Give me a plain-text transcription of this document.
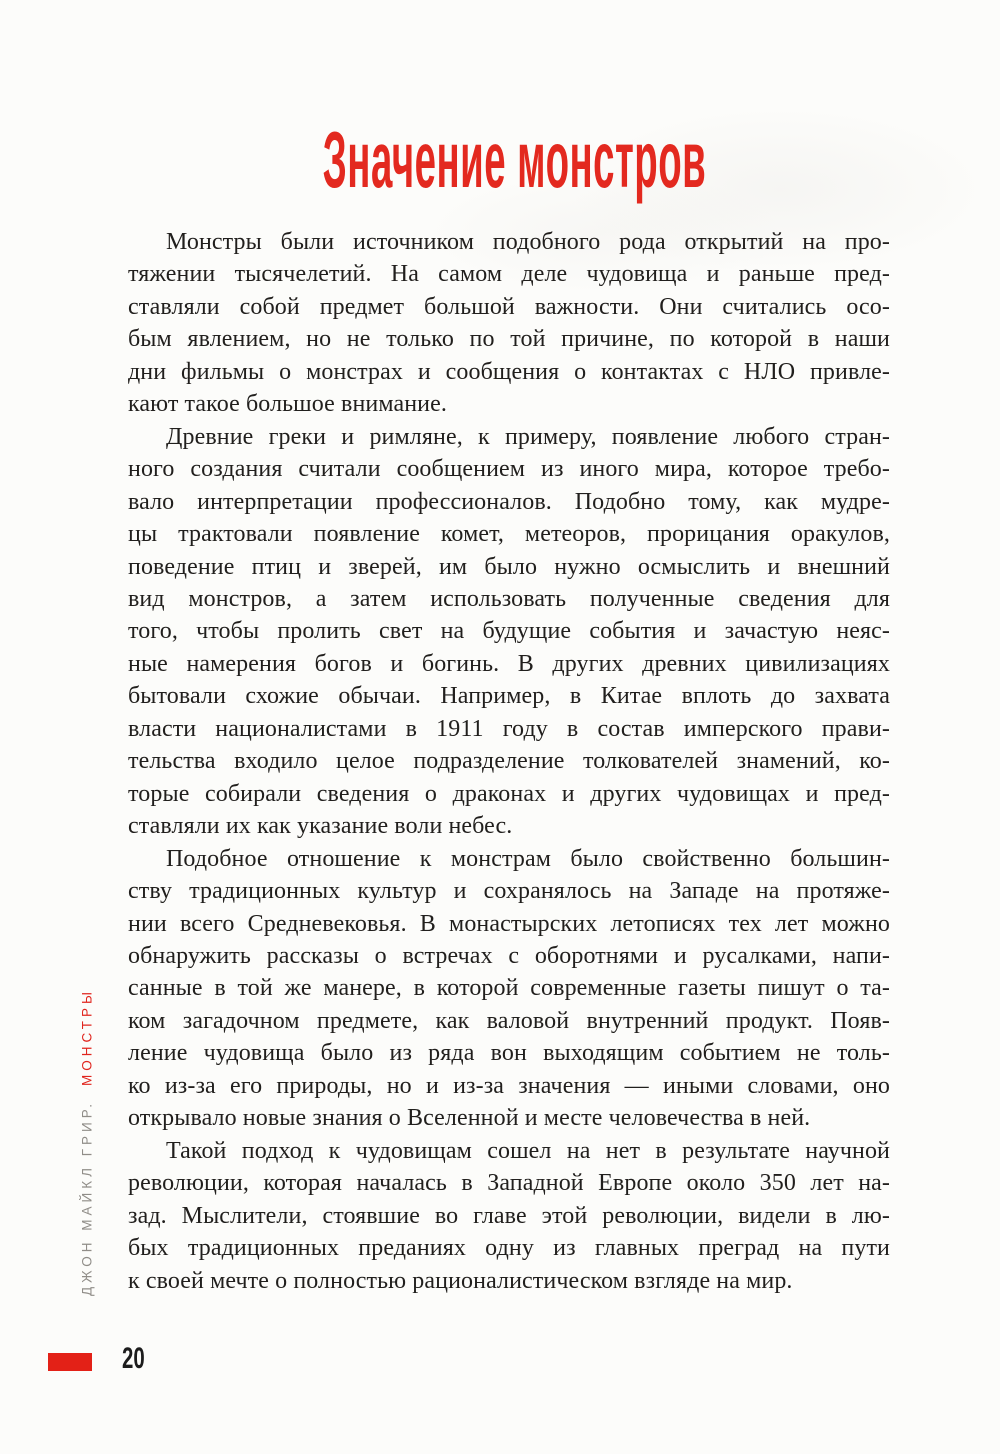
Значение монстров
Монстры были источником подобного рода открытий на про-
тяжении тысячелетий. На самом деле чудовища и раньше пред-
ставляли собой предмет большой важности. Они считались осо-
бым явлением, но не только по той причине, по которой в наши
дни фильмы о монстрах и сообщения о контактах с НЛО привле-
кают такое большое внимание.
Древние греки и римляне, к примеру, появление любого стран-
ного создания считали сообщением из иного мира, которое требо-
вало интерпретации профессионалов. Подобно тому, как мудре-
цы трактовали появление комет, метеоров, прорицания оракулов,
поведение птиц и зверей, им было нужно осмыслить и внешний
вид монстров, а затем использовать полученные сведения для
того, чтобы пролить свет на будущие события и зачастую неяс-
ные намерения богов и богинь. В других древних цивилизациях
бытовали схожие обычаи. Например, в Китае вплоть до захвата
власти националистами в 1911 году в состав имперского прави-
тельства входило целое подразделение толкователей знамений, ко-
торые собирали сведения о драконах и других чудовищах и пред-
ставляли их как указание воли небес.
Подобное отношение к монстрам было свойственно большин-
ству традиционных культур и сохранялось на Западе на протяже-
нии всего Средневековья. В монастырских летописях тех лет можно
обнаружить рассказы о встречах с оборотнями и русалками, напи-
санные в той же манере, в которой современные газеты пишут о та-
ком загадочном предмете, как валовой внутренний продукт. Появ-
ление чудовища было из ряда вон выходящим событием не толь-
ко из-за его природы, но и из-за значения — иными словами, оно
открывало новые знания о Вселенной и месте человечества в ней.
Такой подход к чудовищам сошел на нет в результате научной
революции, которая началась в Западной Европе около 350 лет на-
зад. Мыслители, стоявшие во главе этой революции, видели в лю-
бых традиционных преданиях одну из главных преград на пути
к своей мечте о полностью рационалистическом взгляде на мир.
ДЖОН МАЙКЛ ГРИР.
МОНСТРЫ
20
